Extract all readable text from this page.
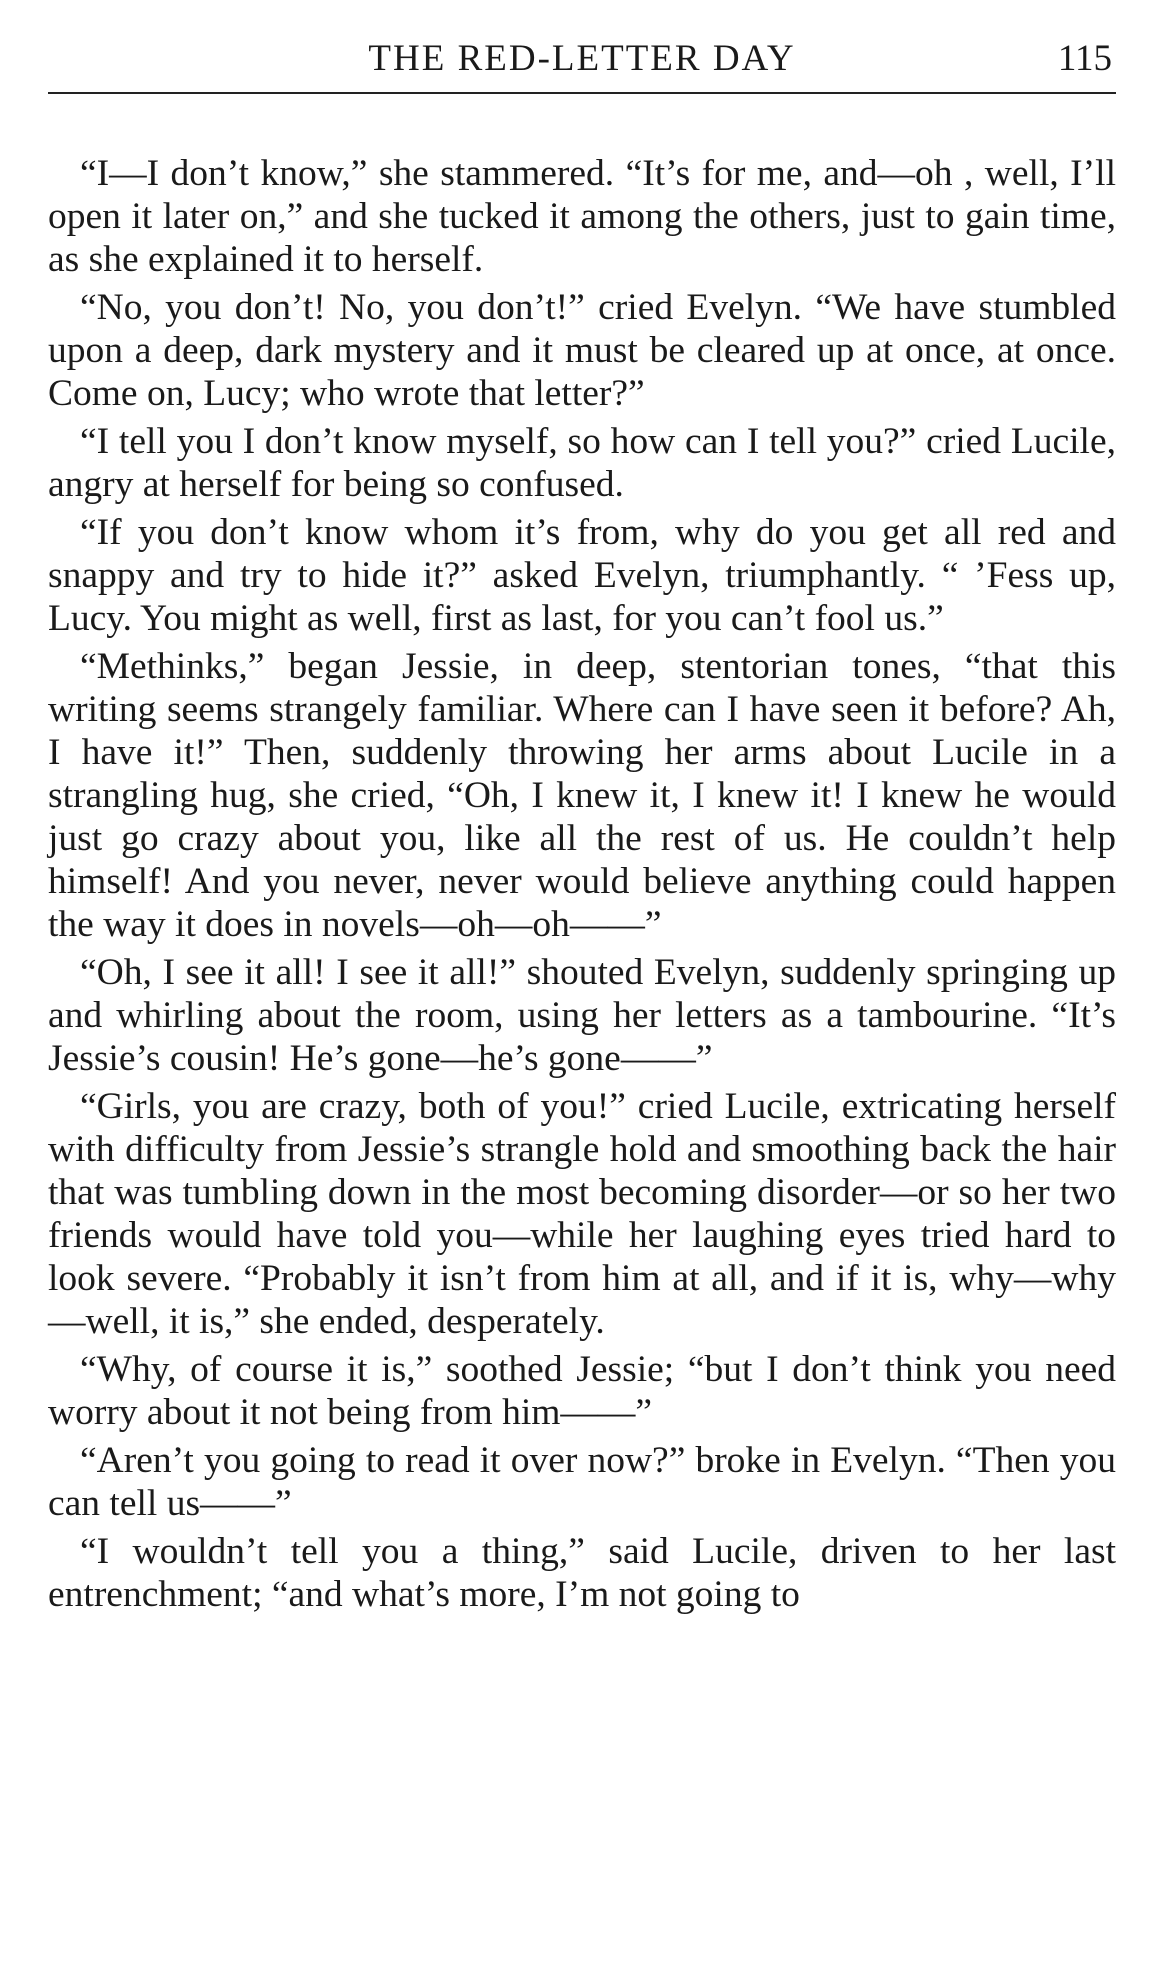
THE RED-LETTER DAY	115

“I—I don’t know,” she stammered. “It’s for me, and—oh , well, I’ll open it later on,” and she tucked it among the others, just to gain time, as she explained it to herself.

“No, you don’t! No, you don’t!” cried Evelyn. “We have stumbled upon a deep, dark mystery and it must be cleared up at once, at once. Come on, Lucy; who wrote that letter?”

“I tell you I don’t know myself, so how can I tell you?” cried Lucile, angry at herself for being so confused.

“If you don’t know whom it’s from, why do you get all red and snappy and try to hide it?” asked Evelyn, triumphantly. “ ’Fess up, Lucy. You might as well, first as last, for you can’t fool us.”

“Methinks,” began Jessie, in deep, stentorian tones, “that this writing seems strangely familiar. Where can I have seen it before? Ah, I have it!” Then, suddenly throwing her arms about Lucile in a strangling hug, she cried, “Oh, I knew it, I knew it! I knew he would just go crazy about you, like all the rest of us. He couldn’t help himself! And you never, never would believe anything could happen the way it does in novels—oh—oh——”

“Oh, I see it all! I see it all!” shouted Evelyn, suddenly springing up and whirling about the room, using her letters as a tambourine. “It’s Jessie’s cousin! He’s gone—he’s gone——”

“Girls, you are crazy, both of you!” cried Lucile, extricating herself with difficulty from Jessie’s strangle hold and smoothing back the hair that was tumbling down in the most becoming disorder—or so her two friends would have told you—while her laughing eyes tried hard to look severe. “Probably it isn’t from him at all, and if it is, why—why —well, it is,” she ended, desperately.

“Why, of course it is,” soothed Jessie; “but I don’t think you need worry about it not being from him——”

“Aren’t you going to read it over now?” broke in Evelyn. “Then you can tell us——”

“I wouldn’t tell you a thing,” said Lucile, driven to her last entrenchment; “and what’s more, I’m not going to
